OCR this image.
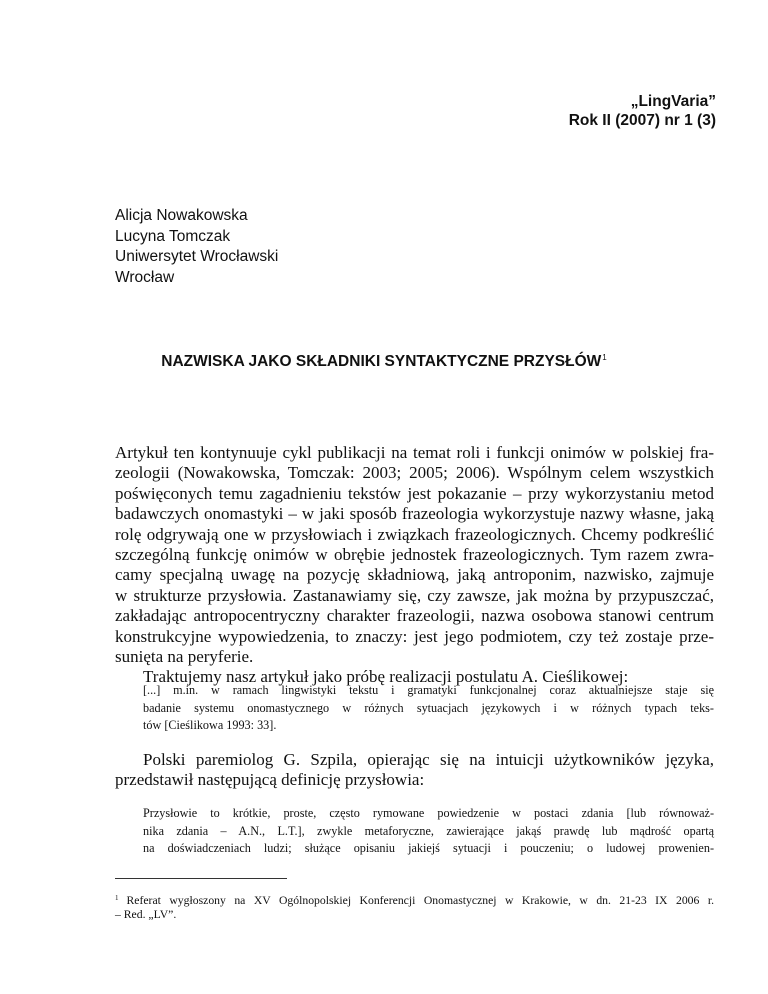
„LingVaria”
Rok II (2007) nr 1 (3)
Alicja Nowakowska
Lucyna Tomczak
Uniwersytet Wrocławski
Wrocław
NAZWISKA JAKO SKŁADNIKI SYNTAKTYCZNE PRZYSŁÓW$^1$
Artykuł ten kontynuuje cykl publikacji na temat roli i funkcji onimów w polskiej fra-
zeologii (Nowakowska, Tomczak: 2003; 2005; 2006). Wspólnym celem wszystkich
poświęconych temu zagadnieniu tekstów jest pokazanie – przy wykorzystaniu metod
badawczych onomastyki – w jaki sposób frazeologia wykorzystuje nazwy własne, jaką
rolę odgrywają one w przysłowiach i związkach frazeologicznych. Chcemy podkreślić
szczególną funkcję onimów w obrębie jednostek frazeologicznych. Tym razem zwra-
camy specjalną uwagę na pozycję składniową, jaką antroponim, nazwisko, zajmuje
w strukturze przysłowia. Zastanawiamy się, czy zawsze, jak można by przypuszczać,
zakładając antropocentryczny charakter frazeologii, nazwa osobowa stanowi centrum
konstrukcyjne wypowiedzenia, to znaczy: jest jego podmiotem, czy też zostaje prze-
sunięta na peryferie.
Traktujemy nasz artykuł jako próbę realizacji postulatu A. Cieślikowej:
[...] m.in. w ramach lingwistyki tekstu i gramatyki funkcjonalnej coraz aktualniejsze staje się
badanie systemu onomastycznego w różnych sytuacjach językowych i w różnych typach teks-
tów [Cieślikowa 1993: 33].
Polski paremiolog G. Szpila, opierając się na intuicji użytkowników języka,
przedstawił następującą definicję przysłowia:
Przysłowie to krótkie, proste, często rymowane powiedzenie w postaci zdania [lub równoważ-
nika zdania – A.N., L.T.], zwykle metaforyczne, zawierające jakąś prawdę lub mądrość opartą
na doświadczeniach ludzi; służące opisaniu jakiejś sytuacji i pouczeniu; o ludowej prowenien-
$^1$ Referat wygłoszony na XV Ogólnopolskiej Konferencji Onomastycznej w Krakowie, w dn. 21-23 IX 2006 r.
– Red. „LV”.
